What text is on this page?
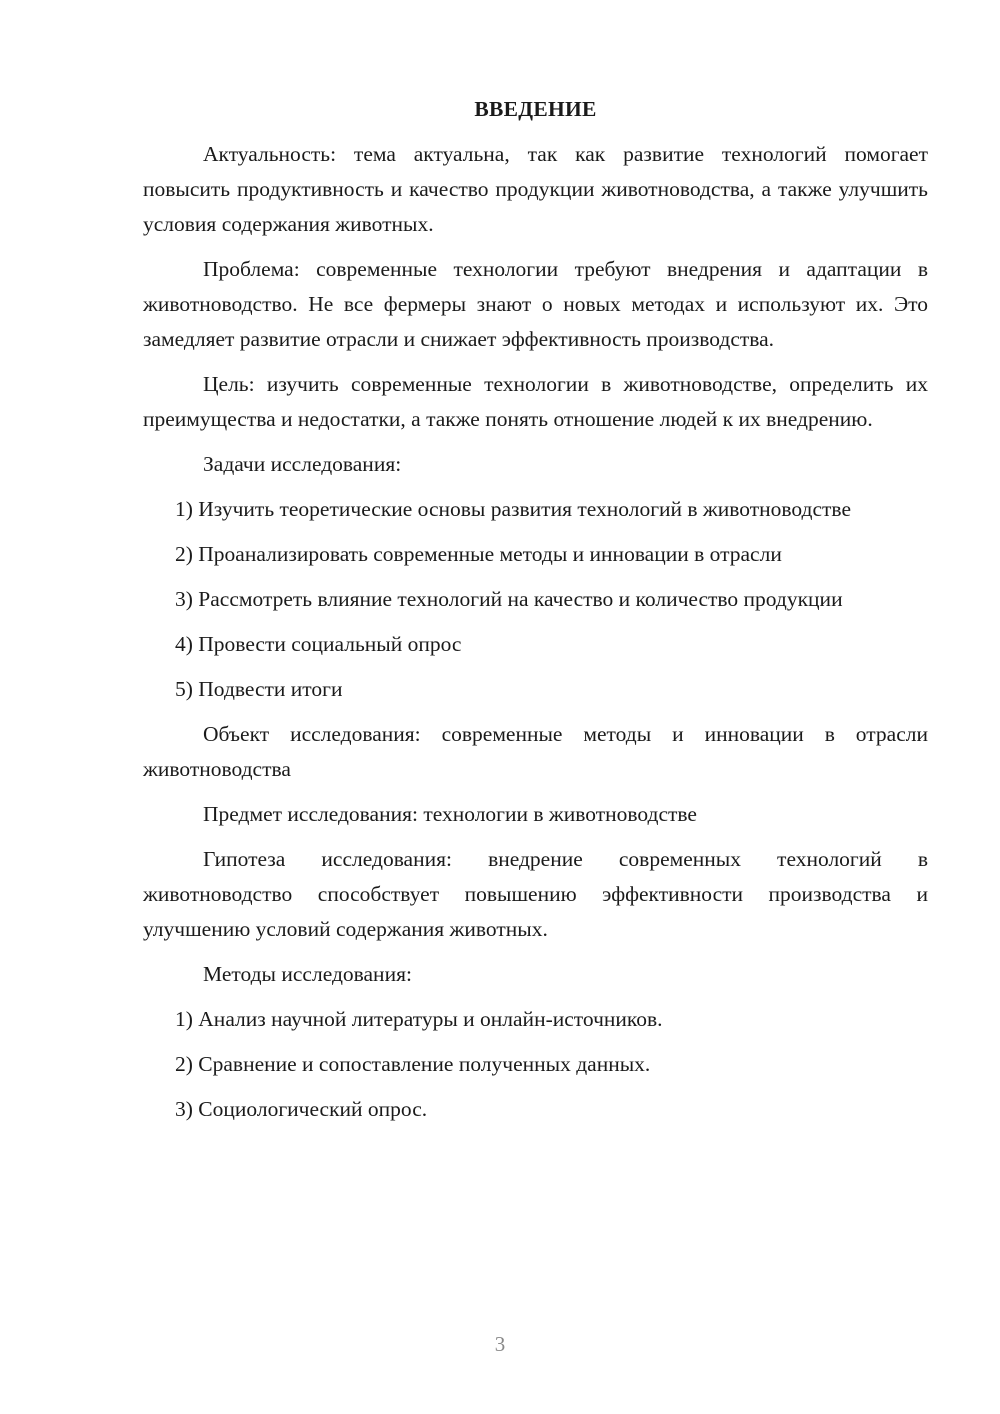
ВВЕДЕНИЕ

Актуальность: тема актуальна, так как развитие технологий помогает повысить продуктивность и качество продукции животноводства, а также улучшить условия содержания животных.

Проблема: современные технологии требуют внедрения и адаптации в животноводство. Не все фермеры знают о новых методах и используют их. Это замедляет развитие отрасли и снижает эффективность производства.

Цель: изучить современные технологии в животноводстве, определить их преимущества и недостатки, а также понять отношение людей к их внедрению.

Задачи исследования:

1) Изучить теоретические основы развития технологий в животноводстве

2) Проанализировать современные методы и инновации в отрасли

3) Рассмотреть влияние технологий на качество и количество продукции

4) Провести социальный опрос

5) Подвести итоги

Объект исследования: современные методы и инновации в отрасли животноводства

Предмет исследования: технологии в животноводстве

Гипотеза исследования: внедрение современных технологий в животноводство способствует повышению эффективности производства и улучшению условий содержания животных.

Методы исследования:

1) Анализ научной литературы и онлайн-источников.

2) Сравнение и сопоставление полученных данных.

3) Социологический опрос.

3
